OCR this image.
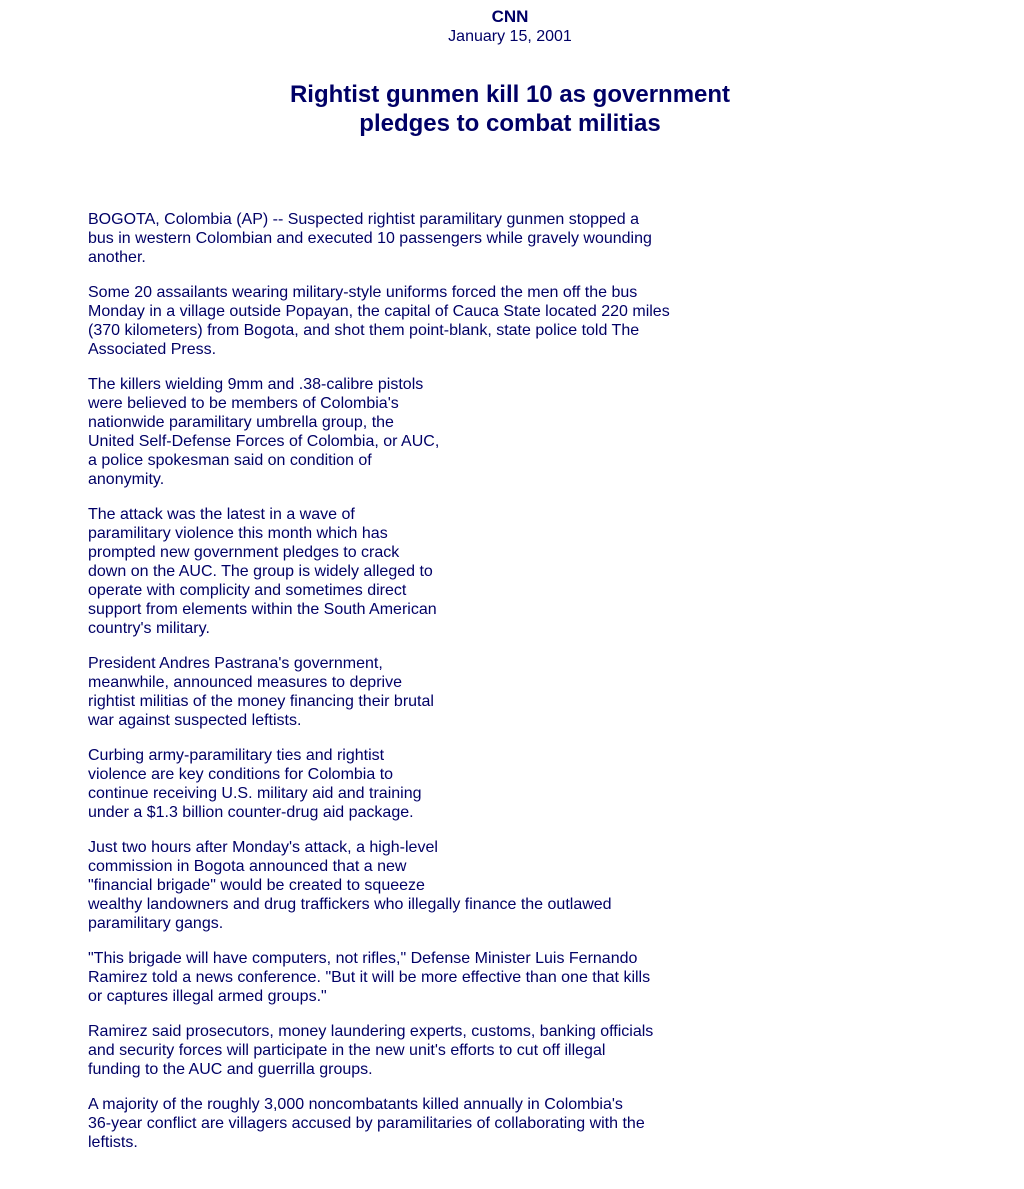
CNN
January 15, 2001
Rightist gunmen kill 10 as government
pledges to combat militias

BOGOTA, Colombia (AP) -- Suspected rightist paramilitary gunmen stopped a
bus in western Colombian and executed 10 passengers while gravely wounding
another.

Some 20 assailants wearing military-style uniforms forced the men off the bus
Monday in a village outside Popayan, the capital of Cauca State located 220 miles
(370 kilometers) from Bogota, and shot them point-blank, state police told The
Associated Press.

The killers wielding 9mm and .38-calibre pistols
were believed to be members of Colombia's
nationwide paramilitary umbrella group, the
United Self-Defense Forces of Colombia, or AUC,
a police spokesman said on condition of
anonymity.

The attack was the latest in a wave of
paramilitary violence this month which has
prompted new government pledges to crack
down on the AUC. The group is widely alleged to
operate with complicity and sometimes direct
support from elements within the South American
country's military.

President Andres Pastrana's government,
meanwhile, announced measures to deprive
rightist militias of the money financing their brutal
war against suspected leftists.

Curbing army-paramilitary ties and rightist
violence are key conditions for Colombia to
continue receiving U.S. military aid and training
under a $1.3 billion counter-drug aid package.

Just two hours after Monday's attack, a high-level
commission in Bogota announced that a new
"financial brigade" would be created to squeeze
wealthy landowners and drug traffickers who illegally finance the outlawed
paramilitary gangs.

"This brigade will have computers, not rifles," Defense Minister Luis Fernando
Ramirez told a news conference. "But it will be more effective than one that kills
or captures illegal armed groups."

Ramirez said prosecutors, money laundering experts, customs, banking officials
and security forces will participate in the new unit's efforts to cut off illegal
funding to the AUC and guerrilla groups.

A majority of the roughly 3,000 noncombatants killed annually in Colombia's
36-year conflict are villagers accused by paramilitaries of collaborating with the
leftists.
